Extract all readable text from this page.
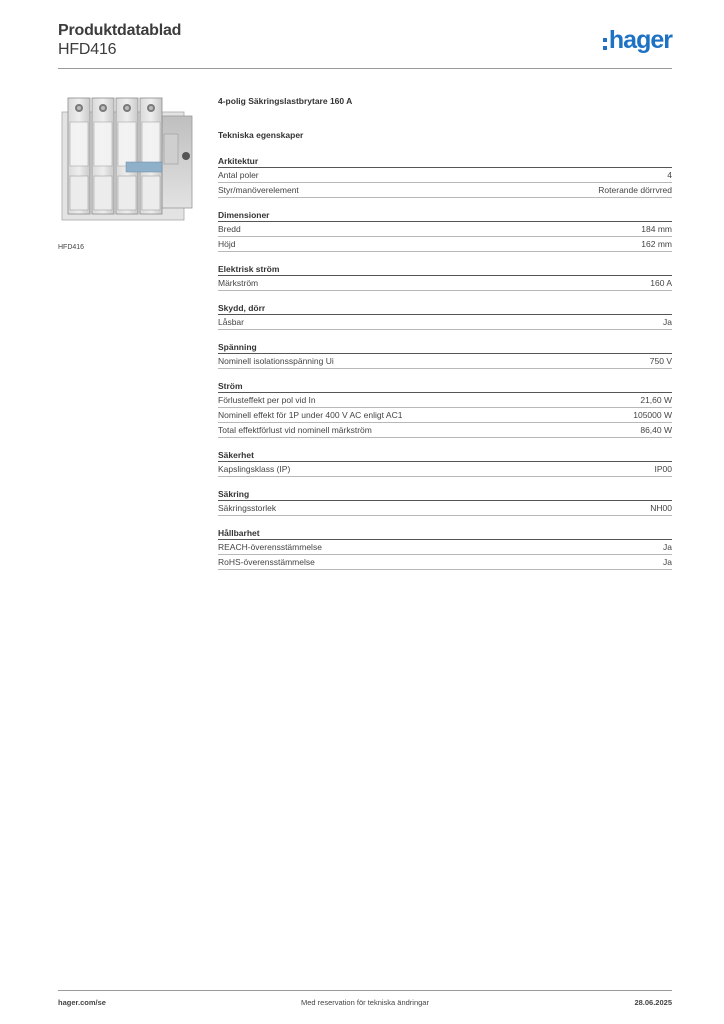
Produktdatablad
HFD416	hager
HFD416
4-polig Säkringslastbrytare 160 A
Tekniska egenskaper
Arkitektur
Antal poler	4
Styr/manöverelement	Roterande dörrvred
Dimensioner
Bredd	184 mm
Höjd	162 mm
Elektrisk ström
Märkström	160 A
Skydd, dörr
Låsbar	Ja
Spänning
Nominell isolationsspänning Ui	750 V
Ström
Förlusteffekt per pol vid In	21,60 W
Nominell effekt för 1P under 400 V AC enligt AC1	105000 W
Total effektförlust vid nominell märkström	86,40 W
Säkerhet
Kapslingsklass (IP)	IP00
Säkring
Säkringsstorlek	NH00
Hållbarhet
REACH-överensstämmelse	Ja
RoHS-överensstämmelse	Ja
hager.com/se	Med reservation för tekniska ändringar	28.06.2025
